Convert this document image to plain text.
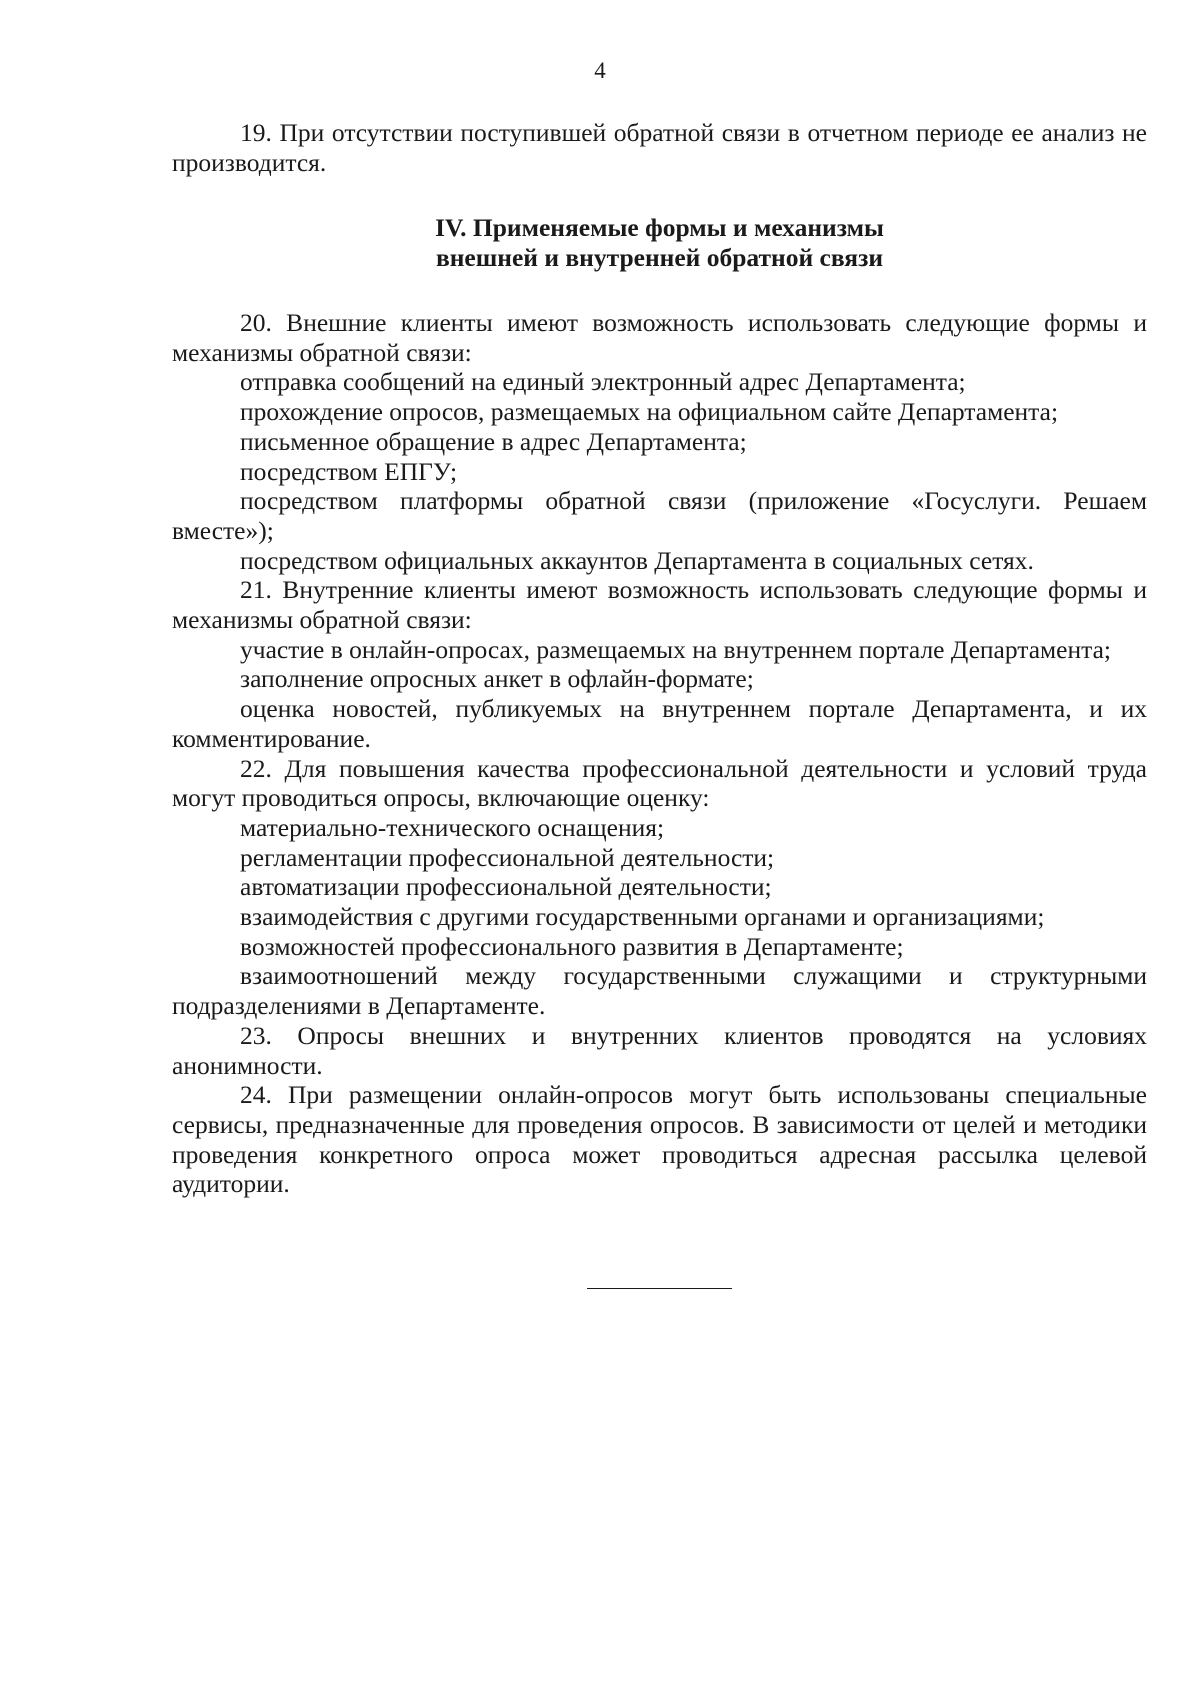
4

19. При отсутствии поступившей обратной связи в отчетном периоде ее анализ не производится.

IV. Применяемые формы и механизмы
внешней и внутренней обратной связи

20. Внешние клиенты имеют возможность использовать следующие формы и механизмы обратной связи:

отправка сообщений на единый электронный адрес Департамента;

прохождение опросов, размещаемых на официальном сайте Департамента;

письменное обращение в адрес Департамента;

посредством ЕПГУ;

посредством платформы обратной связи (приложение «Госуслуги. Решаем вместе»);

посредством официальных аккаунтов Департамента в социальных сетях.

21. Внутренние клиенты имеют возможность использовать следующие формы и механизмы обратной связи:

участие в онлайн-опросах, размещаемых на внутреннем портале Департамента;

заполнение опросных анкет в офлайн-формате;

оценка новостей, публикуемых на внутреннем портале Департамента, и их комментирование.

22. Для повышения качества профессиональной деятельности и условий труда могут проводиться опросы, включающие оценку:

материально-технического оснащения;

регламентации профессиональной деятельности;

автоматизации профессиональной деятельности;

взаимодействия с другими государственными органами и организациями;

возможностей профессионального развития в Департаменте;

взаимоотношений между государственными служащими и структурными подразделениями в Департаменте.

23. Опросы внешних и внутренних клиентов проводятся на условиях анонимности.

24. При размещении онлайн-опросов могут быть использованы специальные сервисы, предназначенные для проведения опросов. В зависимости от целей и методики проведения конкретного опроса может проводиться адресная рассылка целевой аудитории.
